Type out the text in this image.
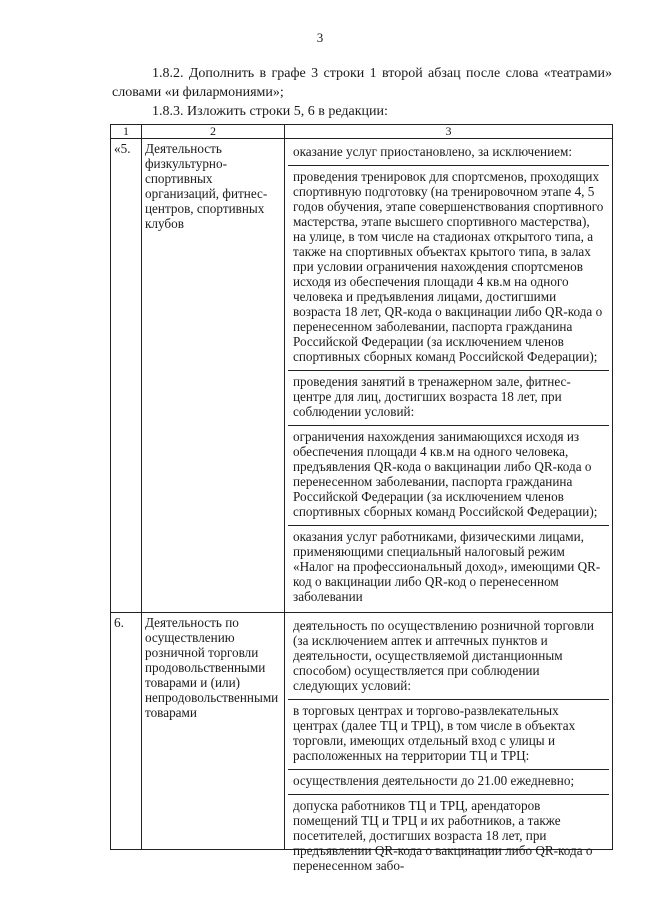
3
1.8.2. Дополнить в графе 3 строки 1 второй абзац после слова «театрами» словами «и филармониями»;
1.8.3. Изложить строки 5, 6 в редакции:
1	2	3
«5.	Деятельность физкультурно-спортивных организаций, фитнес-центров, спортивных клубов	оказание услуг приостановлено, за исключением:
проведения тренировок для спортсменов, проходящих спортивную подготовку (на тренировочном этапе 4, 5 годов обучения, этапе совершенствования спортивного мастерства, этапе высшего спортивного мастерства), на улице, в том числе на стадионах открытого типа, а также на спортивных объектах крытого типа, в залах при условии ограничения нахождения спортсменов исходя из обеспечения площади 4 кв.м на одного человека и предъявления лицами, достигшими возраста 18 лет, QR-кода о вакцинации либо QR-кода о перенесенном заболевании, паспорта гражданина Российской Федерации (за исключением членов спортивных сборных команд Российской Федерации);
проведения занятий в тренажерном зале, фитнес-центре для лиц, достигших возраста 18 лет, при соблюдении условий:
ограничения нахождения занимающихся исходя из обеспечения площади 4 кв.м на одного человека, предъявления QR-кода о вакцинации либо QR-кода о перенесенном заболевании, паспорта гражданина Российской Федерации (за исключением членов спортивных сборных команд Российской Федерации);
оказания услуг работниками, физическими лицами, применяющими специальный налоговый режим «Налог на профессиональный доход», имеющими QR-код о вакцинации либо QR-код о перенесенном заболевании

6.	Деятельность по осуществлению розничной торговли продовольственными товарами и (или) непродовольственными товарами	деятельность по осуществлению розничной торговли (за исключением аптек и аптечных пунктов и деятельности, осуществляемой дистанционным способом) осуществляется при соблюдении следующих условий:
в торговых центрах и торгово-развлекательных центрах (далее ТЦ и ТРЦ), в том числе в объектах торговли, имеющих отдельный вход с улицы и расположенных на территории ТЦ и ТРЦ:
осуществления деятельности до 21.00 ежедневно;
допуска работников ТЦ и ТРЦ, арендаторов помещений ТЦ и ТРЦ и их работников, а также посетителей, достигших возраста 18 лет, при предъявлении QR-кода о вакцинации либо QR-кода о перенесенном забо-
